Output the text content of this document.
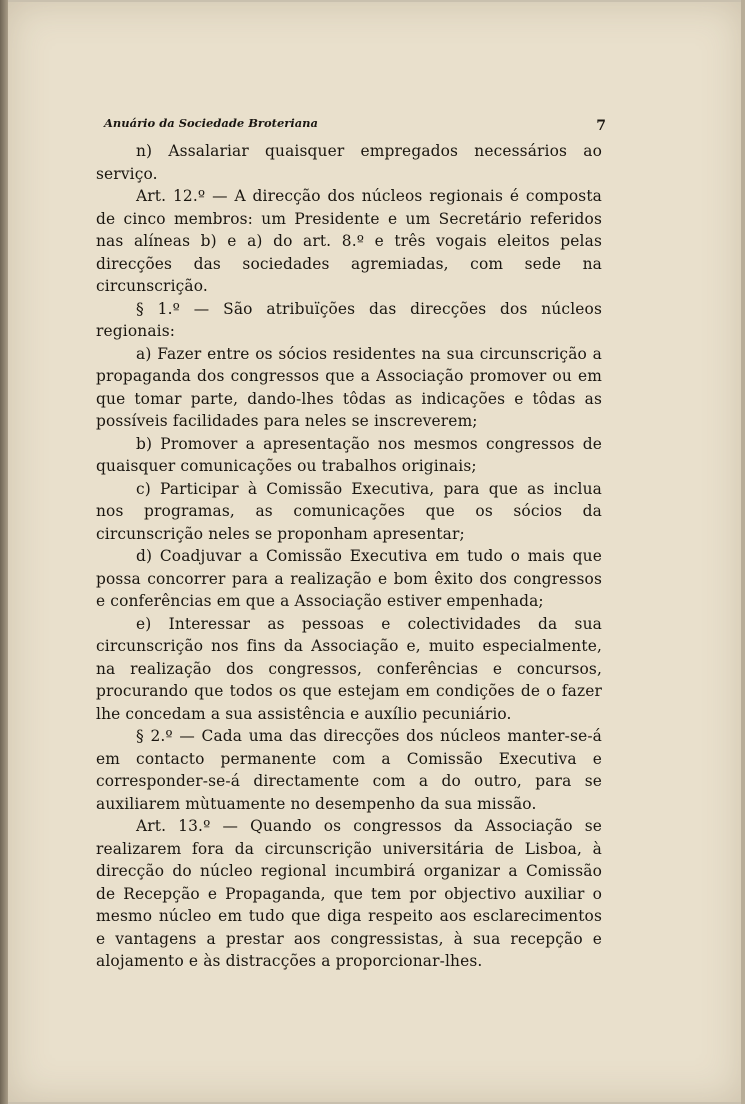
Anuário da Sociedade Broteriana	7

n) Assalariar quaisquer empregados necessários ao serviço.

Art. 12.º — A direcção dos núcleos regionais é composta de cinco membros: um Presidente e um Secretário referidos nas alíneas b) e a) do art. 8.º e três vogais eleitos pelas direcções das sociedades agremiadas, com sede na circunscrição.

§ 1.º — São atribuïções das direcções dos núcleos regionais:

a) Fazer entre os sócios residentes na sua circunscrição a propaganda dos congressos que a Associação promover ou em que tomar parte, dando-lhes tôdas as indicações e tôdas as possíveis facilidades para neles se inscreverem;

b) Promover a apresentação nos mesmos congressos de quaisquer comunicações ou trabalhos originais;

c) Participar à Comissão Executiva, para que as inclua nos programas, as comunicações que os sócios da circunscrição neles se proponham apresentar;

d) Coadjuvar a Comissão Executiva em tudo o mais que possa concorrer para a realização e bom êxito dos congressos e conferências em que a Associação estiver empenhada;

e) Interessar as pessoas e colectividades da sua circunscrição nos fins da Associação e, muito especialmente, na realização dos congressos, conferências e concursos, procurando que todos os que estejam em condições de o fazer lhe concedam a sua assistência e auxílio pecuniário.

§ 2.º — Cada uma das direcções dos núcleos manter-se-á em contacto permanente com a Comissão Executiva e corresponder-se-á directamente com a do outro, para se auxiliarem mùtuamente no desempenho da sua missão.

Art. 13.º — Quando os congressos da Associação se realizarem fora da circunscrição universitária de Lisboa, à direcção do núcleo regional incumbirá organizar a Comissão de Recepção e Propaganda, que tem por objectivo auxiliar o mesmo núcleo em tudo que diga respeito aos esclarecimentos e vantagens a prestar aos congressistas, à sua recepção e alojamento e às distracções a proporcionar-lhes.
